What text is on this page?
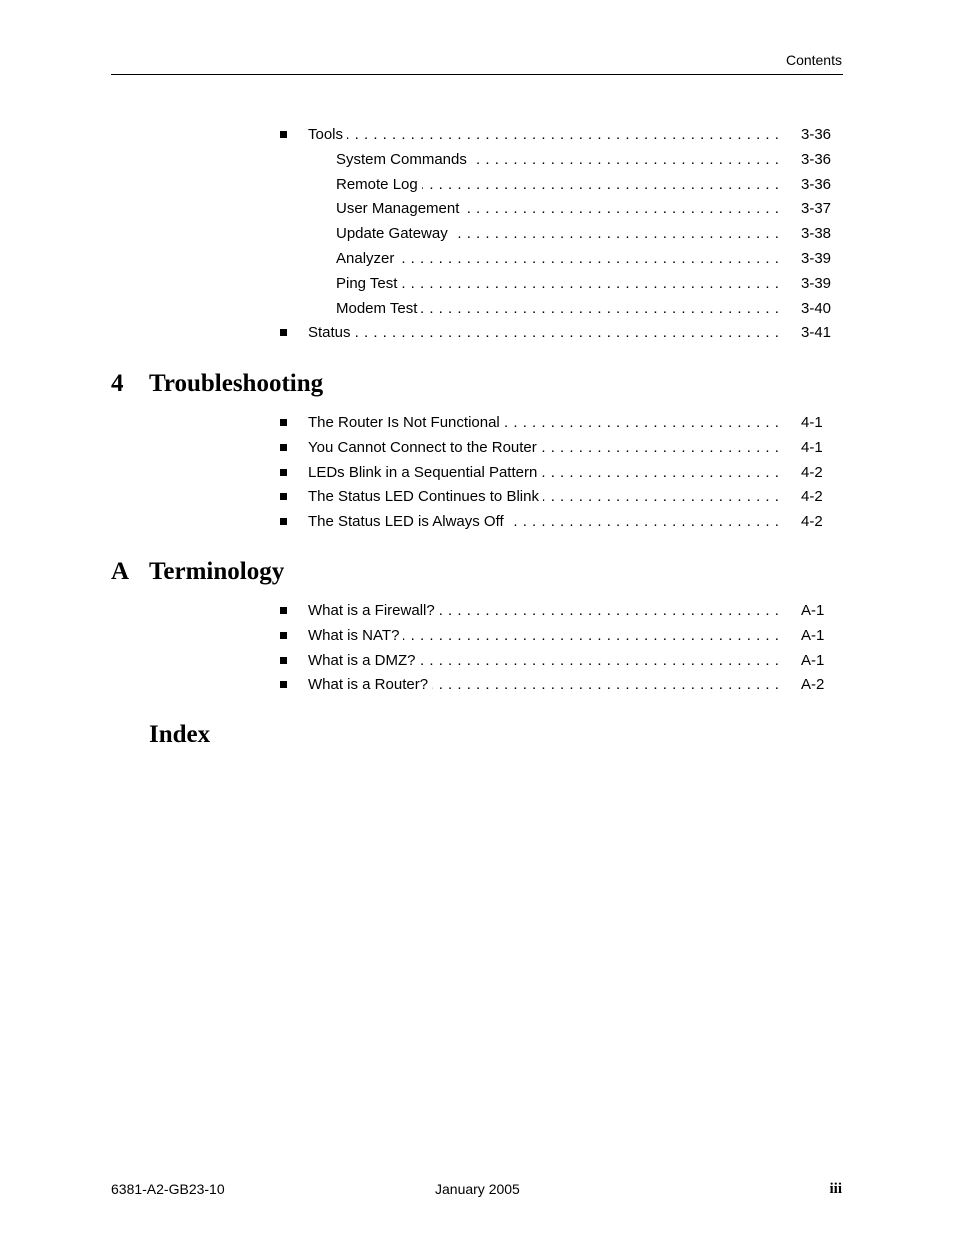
Contents
Tools . . .	3-36
System Commands . . .	3-36
Remote Log . . .	3-36
User Management . . .	3-37
Update Gateway . . .	3-38
Analyzer . . .	3-39
Ping Test . . .	3-39
Modem Test . . .	3-40
Status . . .	3-41
4 Troubleshooting
The Router Is Not Functional . . .	4-1
You Cannot Connect to the Router . . .	4-1
LEDs Blink in a Sequential Pattern . . .	4-2
The Status LED Continues to Blink . . .	4-2
The Status LED is Always Off . . .	4-2
A Terminology
What is a Firewall? . . .	A-1
What is NAT? . . .	A-1
What is a DMZ? . . .	A-1
What is a Router? . . .	A-2
Index
6381-A2-GB23-10	January 2005	iii
